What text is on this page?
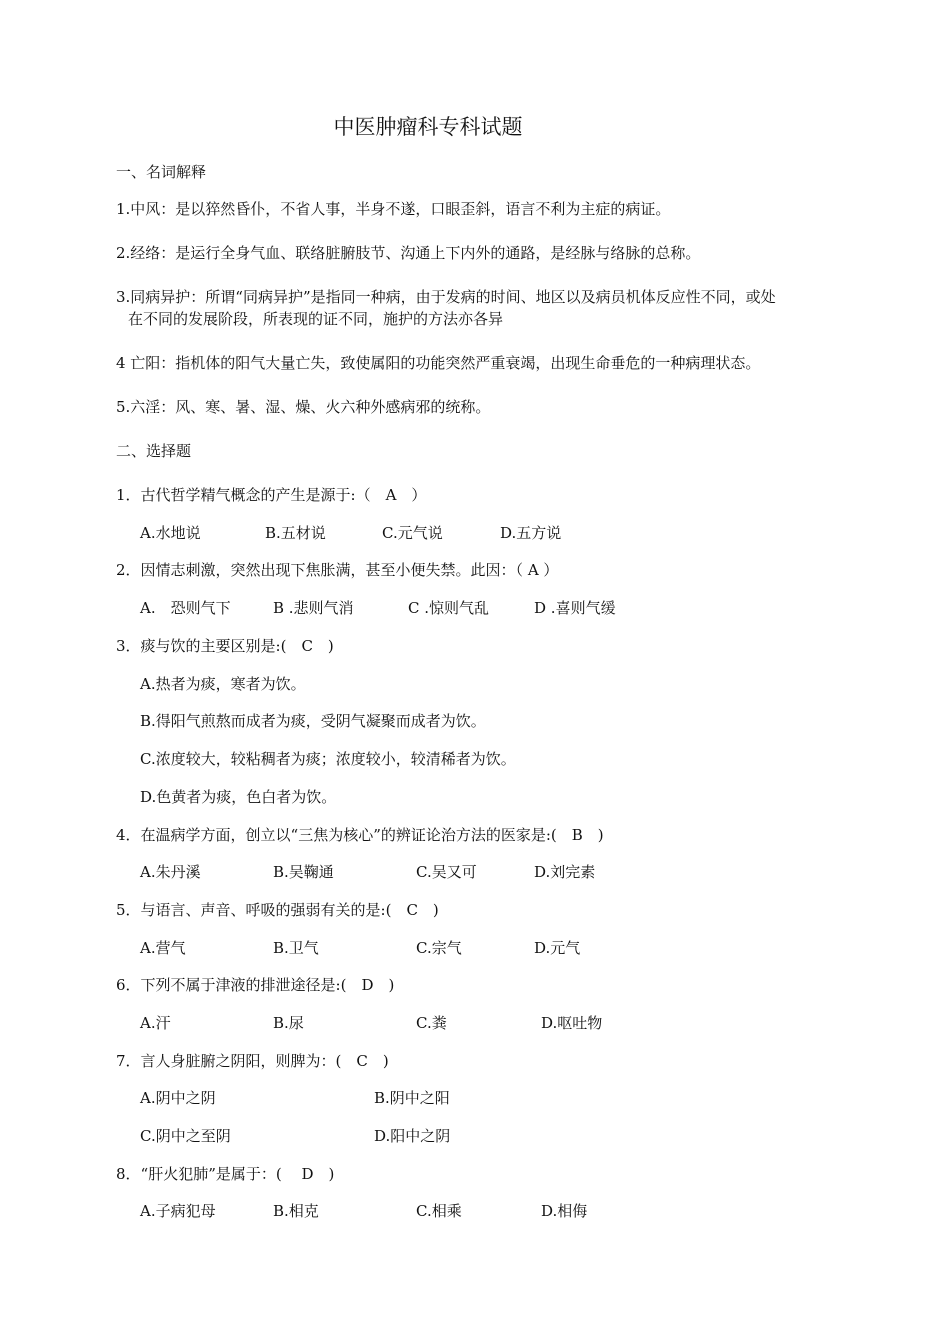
中医肿瘤科专科试题
一、名词解释
1.中风：是以猝然昏仆，不省人事，半身不遂，口眼歪斜，语言不利为主症的病证。
2.经络：是运行全身气血、联络脏腑肢节、沟通上下内外的通路，是经脉与络脉的总称。
3.同病异护：所谓“同病异护”是指同一种病，由于发病的时间、地区以及病员机体反应性不同，或处
在不同的发展阶段，所表现的证不同，施护的方法亦各异
4 亡阳：指机体的阳气大量亡失，致使属阳的功能突然严重衰竭，出现生命垂危的一种病理状态。
5.六淫：风、寒、暑、湿、燥、火六种外感病邪的统称。
二、选择题
1．古代哲学精气概念的产生是源于:（　A　）
A.水地说	B.五材说	C.元气说	D.五方说
2．因情志刺激，突然出现下焦胀满，甚至小便失禁。此因：（ A ）
A.　恐则气下	B .悲则气消	C .惊则气乱	D .喜则气缓
3．痰与饮的主要区别是:(　C　)
A.热者为痰，寒者为饮。
B.得阳气煎熬而成者为痰，受阴气凝聚而成者为饮。
C.浓度较大，较粘稠者为痰；浓度较小，较清稀者为饮。
D.色黄者为痰，色白者为饮。
4．在温病学方面，创立以“三焦为核心”的辨证论治方法的医家是:(　B　)
A.朱丹溪	B.吴鞠通	C.吴又可	D.刘完素
5．与语言、声音、呼吸的强弱有关的是:(　C　)
A.营气	B.卫气	C.宗气	D.元气
6．下列不属于津液的排泄途径是:(　D　)
A.汗	B.尿	C.粪	D.呕吐物
7．言人身脏腑之阴阳，则脾为：(　C　)
A.阴中之阴	B.阴中之阳
C.阴中之至阴	D.阳中之阴
8．“肝火犯肺”是属于：(　 D　)
A.子病犯母	B.相克	C.相乘	D.相侮
